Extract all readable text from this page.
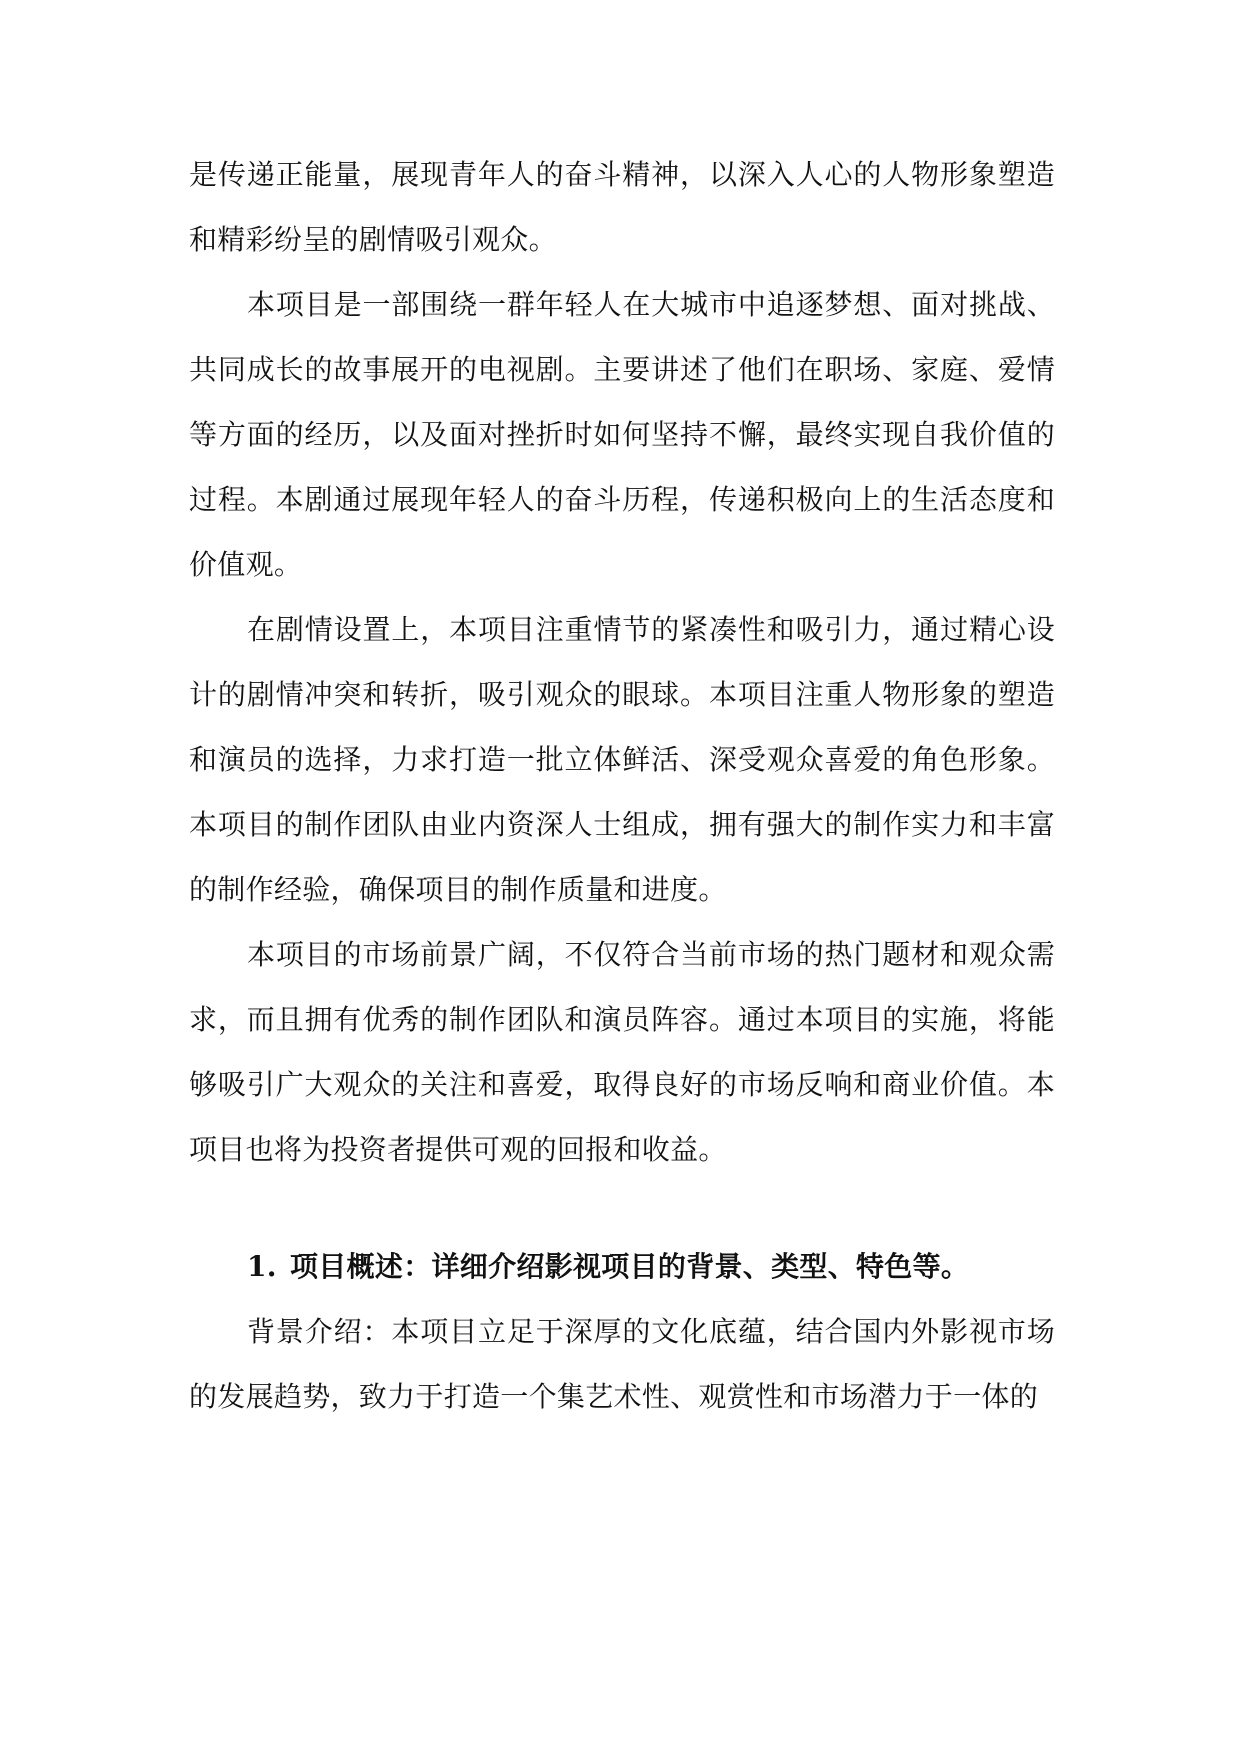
是传递正能量，展现青年人的奋斗精神，以深入人心的人物形象塑造和精彩纷呈的剧情吸引观众。

本项目是一部围绕一群年轻人在大城市中追逐梦想、面对挑战、共同成长的故事展开的电视剧。主要讲述了他们在职场、家庭、爱情等方面的经历，以及面对挫折时如何坚持不懈，最终实现自我价值的过程。本剧通过展现年轻人的奋斗历程，传递积极向上的生活态度和价值观。

在剧情设置上，本项目注重情节的紧凑性和吸引力，通过精心设计的剧情冲突和转折，吸引观众的眼球。本项目注重人物形象的塑造和演员的选择，力求打造一批立体鲜活、深受观众喜爱的角色形象。本项目的制作团队由业内资深人士组成，拥有强大的制作实力和丰富的制作经验，确保项目的制作质量和进度。

本项目的市场前景广阔，不仅符合当前市场的热门题材和观众需求，而且拥有优秀的制作团队和演员阵容。通过本项目的实施，将能够吸引广大观众的关注和喜爱，取得良好的市场反响和商业价值。本项目也将为投资者提供可观的回报和收益。

1. 项目概述：详细介绍影视项目的背景、类型、特色等。

背景介绍：本项目立足于深厚的文化底蕴，结合国内外影视市场的发展趋势，致力于打造一个集艺术性、观赏性和市场潜力于一体的
